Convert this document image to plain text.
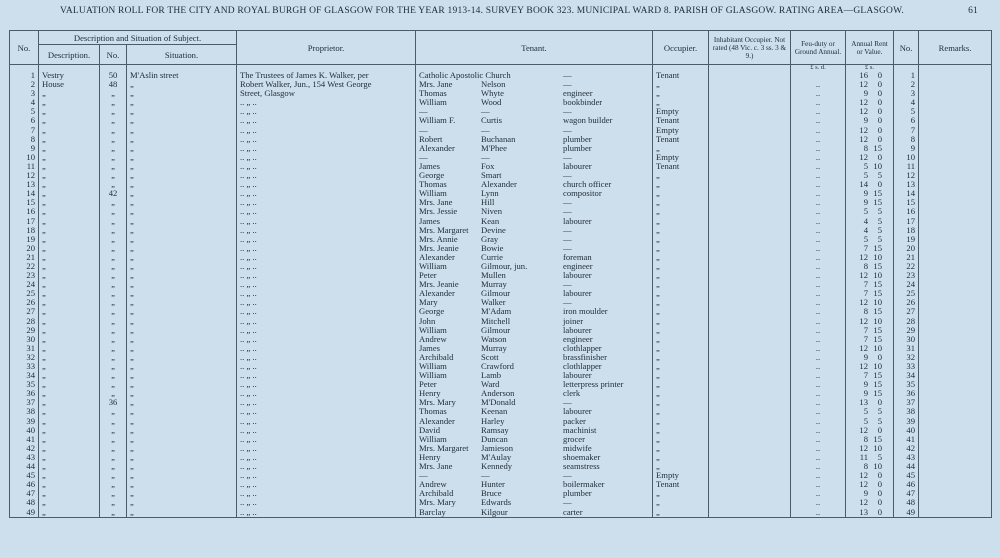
VALUATION ROLL FOR THE CITY AND ROYAL BURGH OF GLASGOW FOR THE YEAR 1913-14. SURVEY BOOK 323. MUNICIPAL WARD 8. PARISH OF GLASGOW. RATING AREA—GLASGOW.	61
No.	Description and Situation of Subject.			Proprietor.	Tenant.	Occupier.	Inhabitant Occupier. Not rated (48 Vic. c. 3 ss. 3 & 9.)	Feu-duty or Ground Annual.	Annual Rent or Value.	No.	Remarks.
	Description.	No.	Situation.								
								£ s. d.	£ s.		
1	Vestry	50	M'Aslin street	The Trustees of James K. Walker, per	Catholic Apostolic Church —	Tenant			16 0	1	
2	House	48	„	Robert Walker, Jun., 154 West George	Mrs. Jane Nelson —	„		..	12 0	2	
3	„	„	„	Street, Glasgow	Thomas Whyte engineer	„		..	9 0	3	
4	„	„	„	.. „ ..	William Wood bookbinder	„		..	12 0	4	
5	„	„	„	.. „ ..	— — —	Empty		..	12 0	5	
6	„	„	„	.. „ ..	William F. Curtis wagon builder	Tenant		..	9 0	6	
7	„	„	„	.. „ ..	— — —	Empty		..	12 0	7	
8	„	„	„	.. „ ..	Robert Buchanan plumber	Tenant		..	12 0	8	
9	„	„	„	.. „ ..	Alexander M'Phee plumber	„		..	8 15	9	
10	„	„	„	.. „ ..	— — —	Empty		..	12 0	10	
11	„	„	„	.. „ ..	James Fox labourer	Tenant		..	5 10	11	
12	„	„	„	.. „ ..	George Smart —	„		..	5 5	12	
13	„	„	„	.. „ ..	Thomas Alexander church officer	„		..	14 0	13	
14	„	42	„	.. „ ..	William Lynn compositor	„		..	9 15	14	
15	„	„	„	.. „ ..	Mrs. Jane Hill —	„		..	9 15	15	
16	„	„	„	.. „ ..	Mrs. Jessie Niven —	„		..	5 5	16	
17	„	„	„	.. „ ..	James Kean labourer	„		..	4 5	17	
18	„	„	„	.. „ ..	Mrs. Margaret Devine —	„		..	4 5	18	
19	„	„	„	.. „ ..	Mrs. Annie Gray —	„		..	5 5	19	
20	„	„	„	.. „ ..	Mrs. Jeanie Bowie —	„		..	7 15	20	
21	„	„	„	.. „ ..	Alexander Currie foreman	„		..	12 10	21	
22	„	„	„	.. „ ..	William Gilmour, jun. engineer	„		..	8 15	22	
23	„	„	„	.. „ ..	Peter Mullen labourer	„		..	12 10	23	
24	„	„	„	.. „ ..	Mrs. Jeanie Murray —	„		..	7 15	24	
25	„	„	„	.. „ ..	Alexander Gilmour labourer	„		..	7 15	25	
26	„	„	„	.. „ ..	Mary Walker —	„		..	12 10	26	
27	„	„	„	.. „ ..	George M'Adam iron moulder	„		..	8 15	27	
28	„	„	„	.. „ ..	John Mitchell joiner	„		..	12 10	28	
29	„	„	„	.. „ ..	William Gilmour labourer	„		..	7 15	29	
30	„	„	„	.. „ ..	Andrew Watson engineer	„		..	7 15	30	
31	„	„	„	.. „ ..	James Murray clothlapper	„		..	12 10	31	
32	„	„	„	.. „ ..	Archibald Scott brassfinisher	„		..	9 0	32	
33	„	„	„	.. „ ..	William Crawford clothlapper	„		..	12 10	33	
34	„	„	„	.. „ ..	William Lamb labourer	„		..	7 15	34	
35	„	„	„	.. „ ..	Peter Ward letterpress printer	„		..	9 15	35	
36	„	„	„	.. „ ..	Henry Anderson clerk	„		..	9 15	36	
37	„	36	„	.. „ ..	Mrs. Mary M'Donald —	„		..	13 0	37	
38	„	„	„	.. „ ..	Thomas Keenan labourer	„		..	5 5	38	
39	„	„	„	.. „ ..	Alexander Harley packer	„		..	5 5	39	
40	„	„	„	.. „ ..	David Ramsay machinist	„		..	12 0	40	
41	„	„	„	.. „ ..	William Duncan grocer	„		..	8 15	41	
42	„	„	„	.. „ ..	Mrs. Margaret Jamieson midwife	„		..	12 10	42	
43	„	„	„	.. „ ..	Henry M'Aulay shoemaker	„		..	11 5	43	
44	„	„	„	.. „ ..	Mrs. Jane Kennedy seamstress	„		..	8 10	44	
45	„	„	„	.. „ ..	— — —	Empty		..	12 0	45	
46	„	„	„	.. „ ..	Andrew Hunter boilermaker	Tenant		..	12 0	46	
47	„	„	„	.. „ ..	Archibald Bruce plumber	„		..	9 0	47	
48	„	„	„	.. „ ..	Mrs. Mary Edwards —	„		..	12 0	48	
49	„	„	„	.. „ ..	Barclay Kilgour carter	„		..	13 0	49	
